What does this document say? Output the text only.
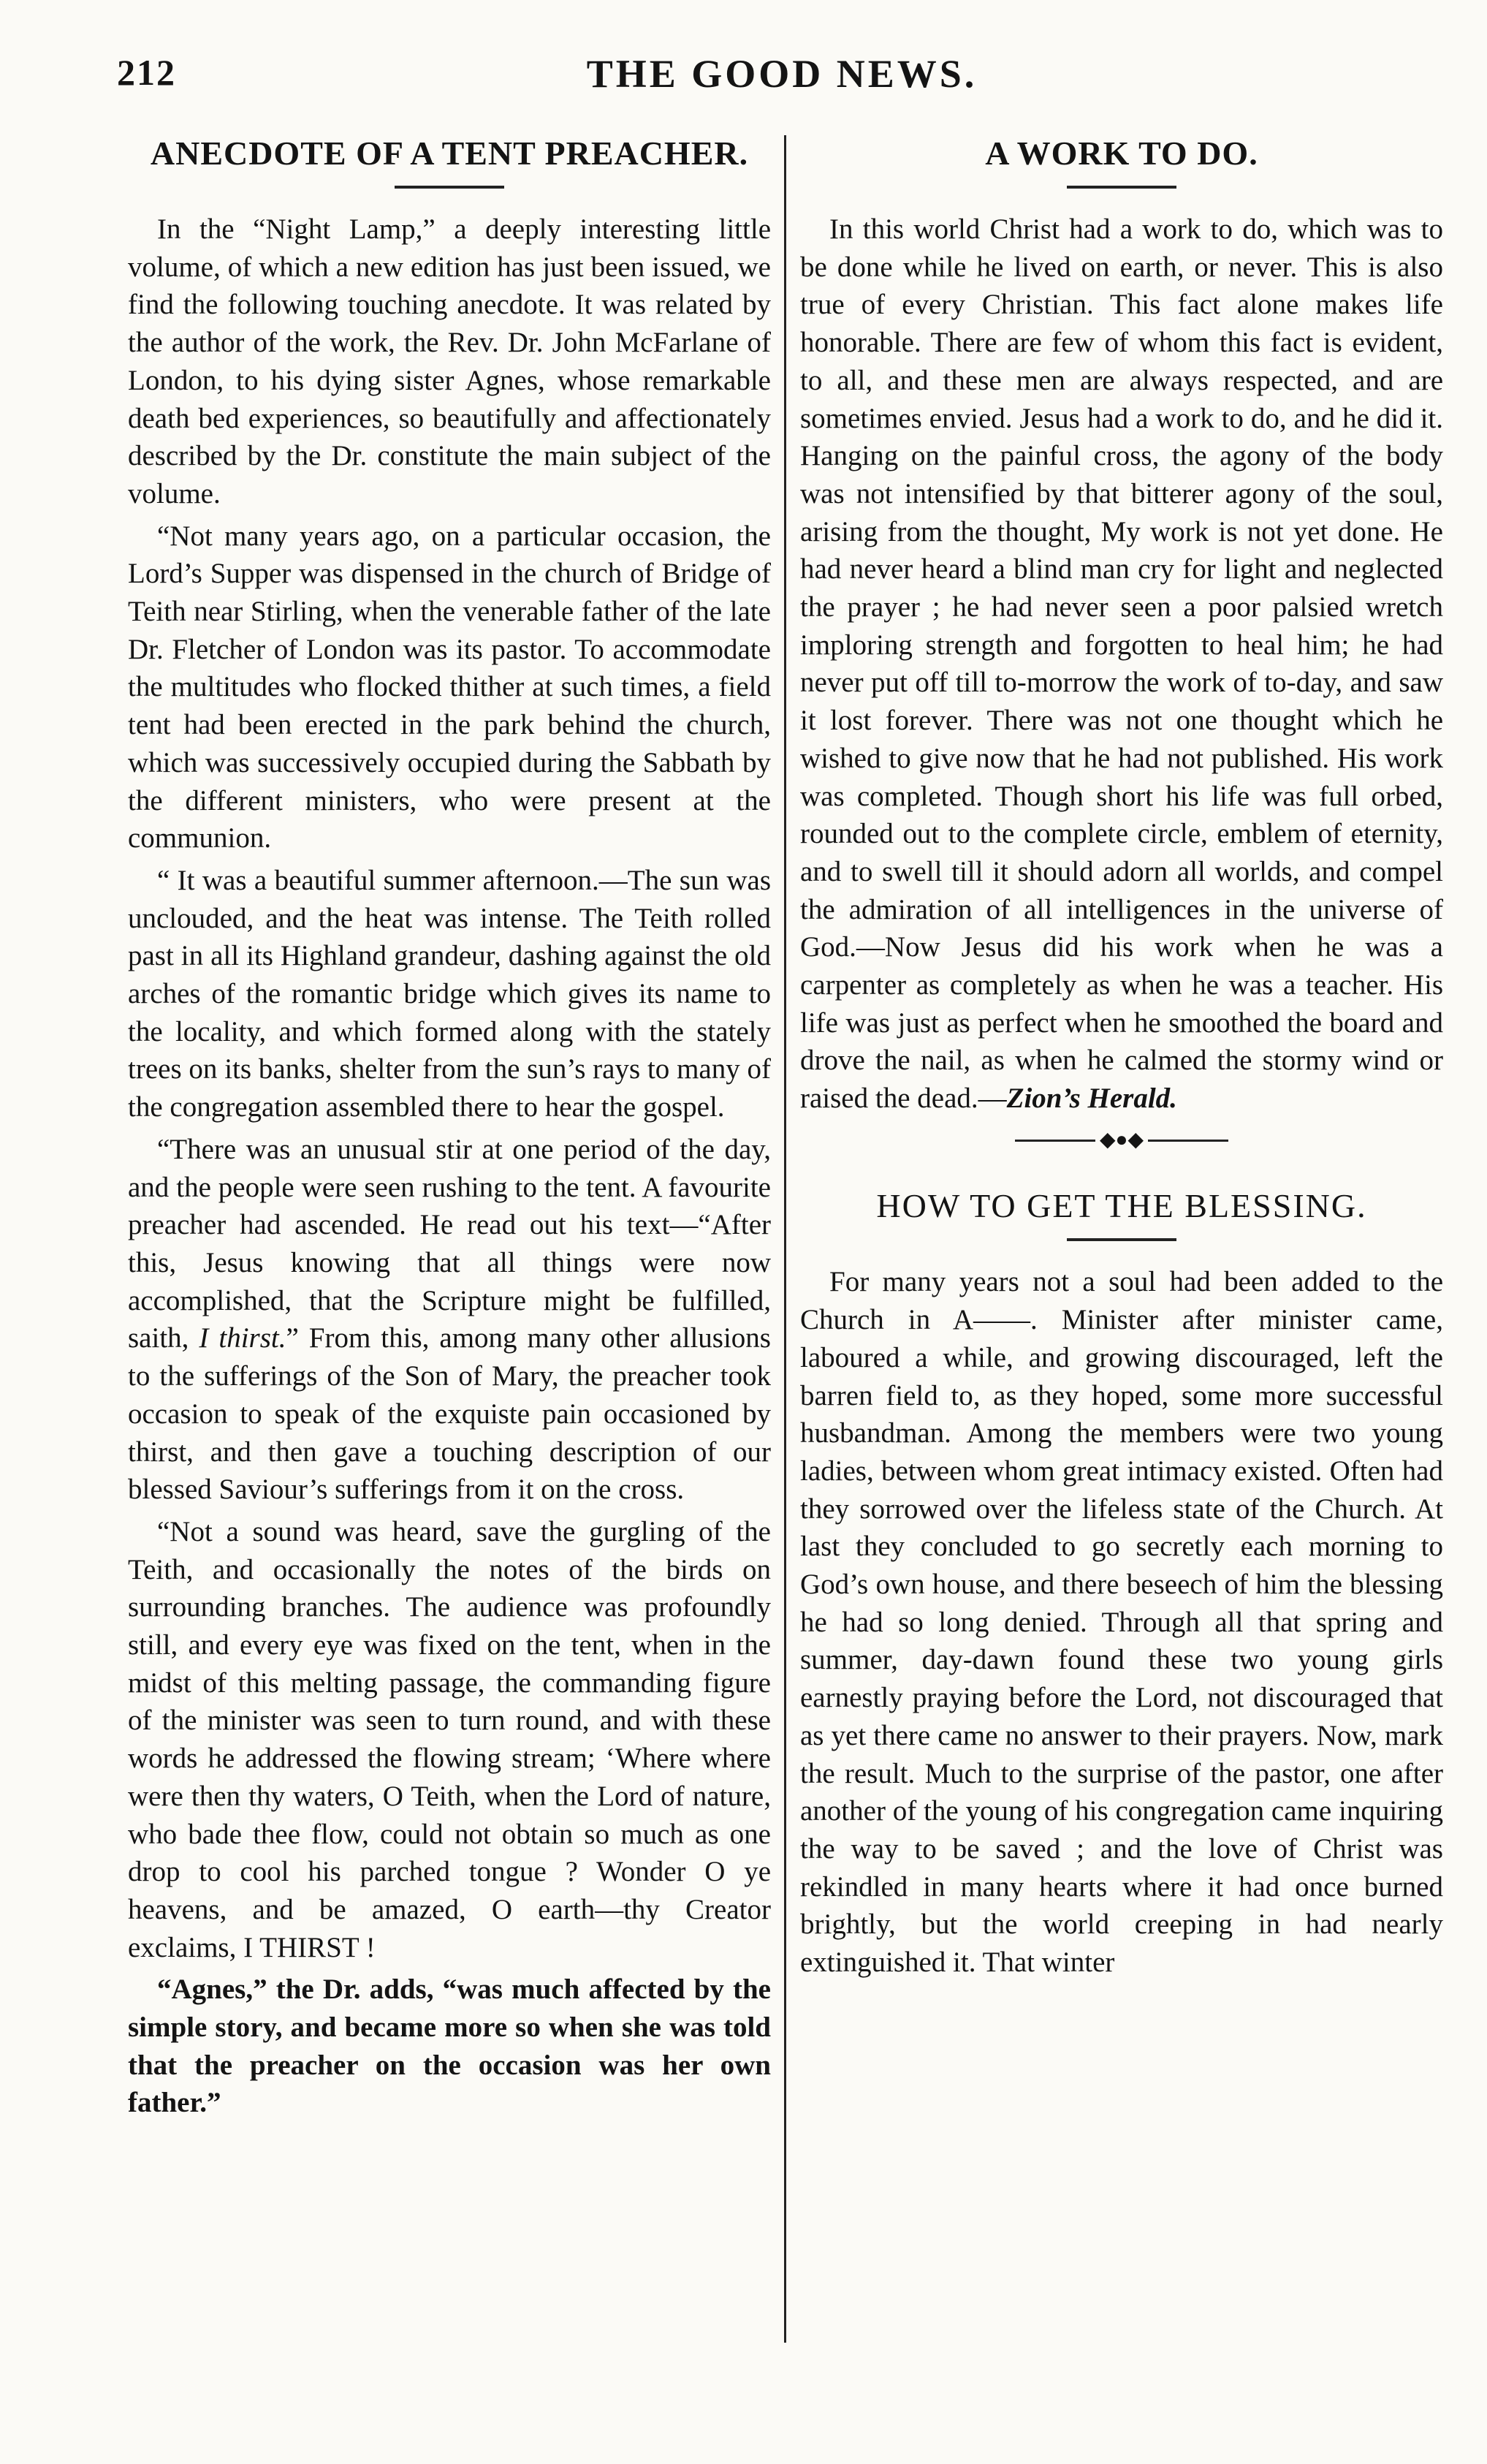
212	THE GOOD NEWS.
ANECDOTE OF A TENT PREACHER.

In the “Night Lamp,” a deeply interesting little volume, of which a new edition has just been issued, we find the following touching anecdote. It was related by the author of the work, the Rev. Dr. John McFarlane of London, to his dying sister Agnes, whose remarkable death bed experiences, so beautifully and affectionately described by the Dr. constitute the main subject of the volume.

“Not many years ago, on a particular occasion, the Lord’s Supper was dispensed in the church of Bridge of Teith near Stirling, when the venerable father of the late Dr. Fletcher of London was its pastor. To accommodate the multitudes who flocked thither at such times, a field tent had been erected in the park behind the church, which was successively occupied during the Sabbath by the different ministers, who were present at the communion.

“ It was a beautiful summer afternoon.—The sun was unclouded, and the heat was intense. The Teith rolled past in all its Highland grandeur, dashing against the old arches of the romantic bridge which gives its name to the locality, and which formed along with the stately trees on its banks, shelter from the sun’s rays to many of the congregation assembled there to hear the gospel.

“There was an unusual stir at one period of the day, and the people were seen rushing to the tent. A favourite preacher had ascended. He read out his text—“After this, Jesus knowing that all things were now accomplished, that the Scripture might be fulfilled, saith, I thirst.” From this, among many other allusions to the sufferings of the Son of Mary, the preacher took occasion to speak of the exquiste pain occasioned by thirst, and then gave a touching description of our blessed Saviour’s sufferings from it on the cross.

“Not a sound was heard, save the gurgling of the Teith, and occasionally the notes of the birds on surrounding branches. The audience was profoundly still, and every eye was fixed on the tent, when in the midst of this melting passage, the commanding figure of the minister was seen to turn round, and with these words he addressed the flowing stream; ‘Where where were then thy waters, O Teith, when the Lord of nature, who bade thee flow, could not obtain so much as one drop to cool his parched tongue ? Wonder O ye heavens, and be amazed, O earth—thy Creator exclaims, I THIRST !

“Agnes,” the Dr. adds, “was much affected by the simple story, and became more so when she was told that the preacher on the occasion was her own father.”

A WORK TO DO.

In this world Christ had a work to do, which was to be done while he lived on earth, or never. This is also true of every Christian. This fact alone makes life honorable. There are few of whom this fact is evident, to all, and these men are always respected, and are sometimes envied. Jesus had a work to do, and he did it. Hanging on the painful cross, the agony of the body was not intensified by that bitterer agony of the soul, arising from the thought, My work is not yet done. He had never heard a blind man cry for light and neglected the prayer ; he had never seen a poor palsied wretch imploring strength and forgotten to heal him; he had never put off till to-morrow the work of to-day, and saw it lost forever. There was not one thought which he wished to give now that he had not published. His work was completed. Though short his life was full orbed, rounded out to the complete circle, emblem of eternity, and to swell till it should adorn all worlds, and compel the admiration of all intelligences in the universe of God.—Now Jesus did his work when he was a carpenter as completely as when he was a teacher. His life was just as perfect when he smoothed the board and drove the nail, as when he calmed the stormy wind or raised the dead.—Zion’s Herald.

◆●◆
HOW TO GET THE BLESSING.

For many years not a soul had been added to the Church in A——. Minister after minister came, laboured a while, and growing discouraged, left the barren field to, as they hoped, some more successful husbandman. Among the members were two young ladies, between whom great intimacy existed. Often had they sorrowed over the lifeless state of the Church. At last they concluded to go secretly each morning to God’s own house, and there beseech of him the blessing he had so long denied. Through all that spring and summer, day-dawn found these two young girls earnestly praying before the Lord, not discouraged that as yet there came no answer to their prayers. Now, mark the result. Much to the surprise of the pastor, one after another of the young of his congregation came inquiring the way to be saved ; and the love of Christ was rekindled in many hearts where it had once burned brightly, but the world creeping in had nearly extinguished it. That winter
